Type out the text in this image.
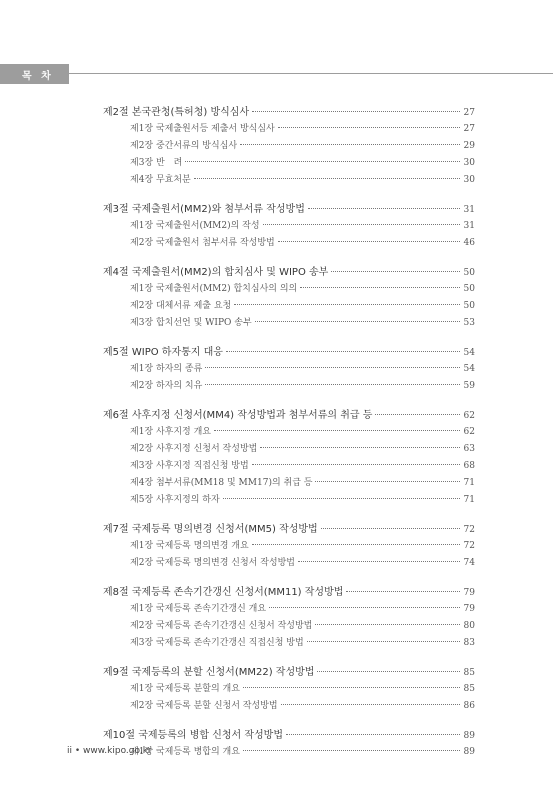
목 차
제2절 본국관청(특허청) 방식심사	27
제1장 국제출원서등 제출서 방식심사	27
제2장 중간서류의 방식심사	29
제3장 반　려	30
제4장 무효처분	30
제3절 국제출원서(MM2)와 첨부서류 작성방법	31
제1장 국제출원서(MM2)의 작성	31
제2장 국제출원서 첨부서류 작성방법	46
제4절 국제출원서(MM2)의 합치심사 및 WIPO 송부	50
제1장 국제출원서(MM2) 합치심사의 의의	50
제2장 대체서류 제출 요청	50
제3장 합치선언 및 WIPO 송부	53
제5절 WIPO 하자통지 대응	54
제1장 하자의 종류	54
제2장 하자의 치유	59
제6절 사후지정 신청서(MM4) 작성방법과 첨부서류의 취급 등	62
제1장 사후지정 개요	62
제2장 사후지정 신청서 작성방법	63
제3장 사후지정 직접신청 방법	68
제4장 첨부서류(MM18 및 MM17)의 취급 등	71
제5장 사후지정의 하자	71
제7절 국제등록 명의변경 신청서(MM5) 작성방법	72
제1장 국제등록 명의변경 개요	72
제2장 국제등록 명의변경 신청서 작성방법	74
제8절 국제등록 존속기간갱신 신청서(MM11) 작성방법	79
제1장 국제등록 존속기간갱신 개요	79
제2장 국제등록 존속기간갱신 신청서 작성방법	80
제3장 국제등록 존속기간갱신 직접신청 방법	83
제9절 국제등록의 분할 신청서(MM22) 작성방법	85
제1장 국제등록 분할의 개요	85
제2장 국제등록 분할 신청서 작성방법	86
제10절 국제등록의 병합 신청서 작성방법	89
제1장 국제등록 병합의 개요	89
ii • www.kipo.go.kr
